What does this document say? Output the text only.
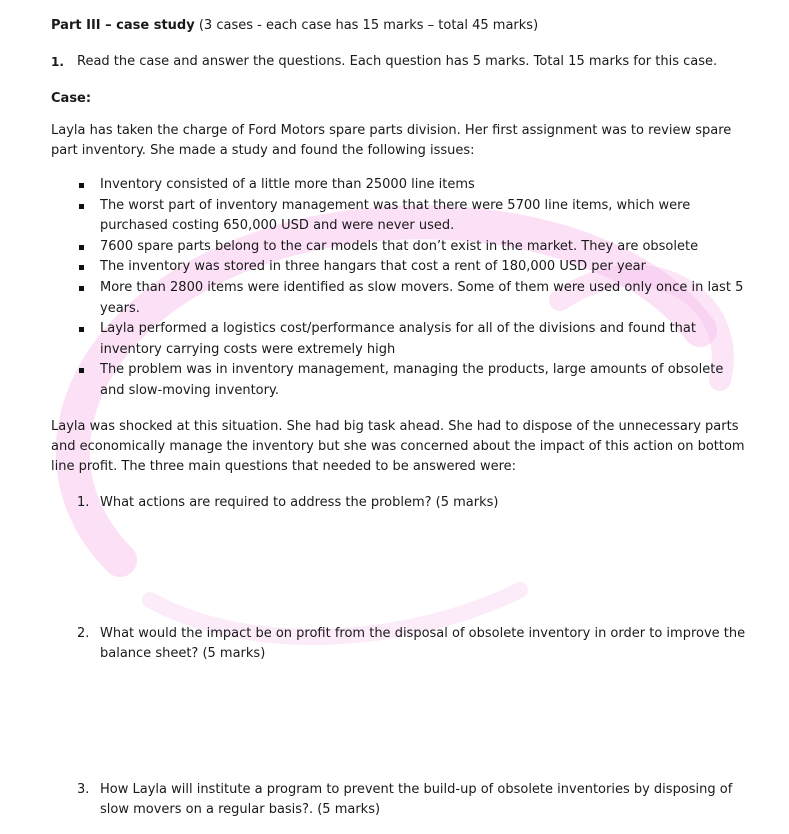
Part III – case study (3 cases - each case has 15 marks – total 45 marks)
1. Read the case and answer the questions. Each question has 5 marks. Total 15 marks for this case.
Case:
Layla has taken the charge of Ford Motors spare parts division. Her first assignment was to review spare part inventory. She made a study and found the following issues:
Inventory consisted of a little more than 25000 line items
The worst part of inventory management was that there were 5700 line items, which were purchased costing 650,000 USD and were never used.
7600 spare parts belong to the car models that don’t exist in the market. They are obsolete
The inventory was stored in three hangars that cost a rent of 180,000 USD per year
More than 2800 items were identified as slow movers. Some of them were used only once in last 5 years.
Layla performed a logistics cost/performance analysis for all of the divisions and found that inventory carrying costs were extremely high
The problem was in inventory management, managing the products, large amounts of obsolete and slow-moving inventory.
Layla was shocked at this situation. She had big task ahead. She had to dispose of the unnecessary parts and economically manage the inventory but she was concerned about the impact of this action on bottom line profit. The three main questions that needed to be answered were:
1. What actions are required to address the problem? (5 marks)
2. What would the impact be on profit from the disposal of obsolete inventory in order to improve the balance sheet? (5 marks)
3. How Layla will institute a program to prevent the build-up of obsolete inventories by disposing of slow movers on a regular basis?. (5 marks)
